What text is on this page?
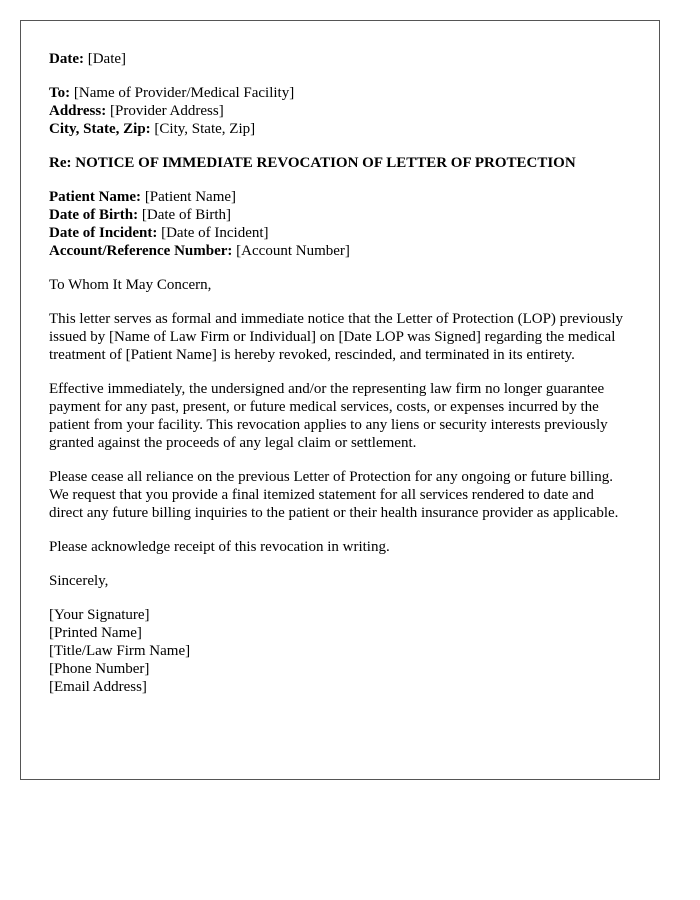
Date: [Date]
To: [Name of Provider/Medical Facility]
Address: [Provider Address]
City, State, Zip: [City, State, Zip]
Re: NOTICE OF IMMEDIATE REVOCATION OF LETTER OF PROTECTION
Patient Name: [Patient Name]
Date of Birth: [Date of Birth]
Date of Incident: [Date of Incident]
Account/Reference Number: [Account Number]

To Whom It May Concern,

This letter serves as formal and immediate notice that the Letter of Protection (LOP) previously issued by [Name of Law Firm or Individual] on [Date LOP was Signed] regarding the medical treatment of [Patient Name] is hereby revoked, rescinded, and terminated in its entirety.

Effective immediately, the undersigned and/or the representing law firm no longer guarantee payment for any past, present, or future medical services, costs, or expenses incurred by the patient from your facility. This revocation applies to any liens or security interests previously granted against the proceeds of any legal claim or settlement.

Please cease all reliance on the previous Letter of Protection for any ongoing or future billing. We request that you provide a final itemized statement for all services rendered to date and direct any future billing inquiries to the patient or their health insurance provider as applicable.

Please acknowledge receipt of this revocation in writing.

Sincerely,

[Your Signature]
[Printed Name]
[Title/Law Firm Name]
[Phone Number]
[Email Address]
